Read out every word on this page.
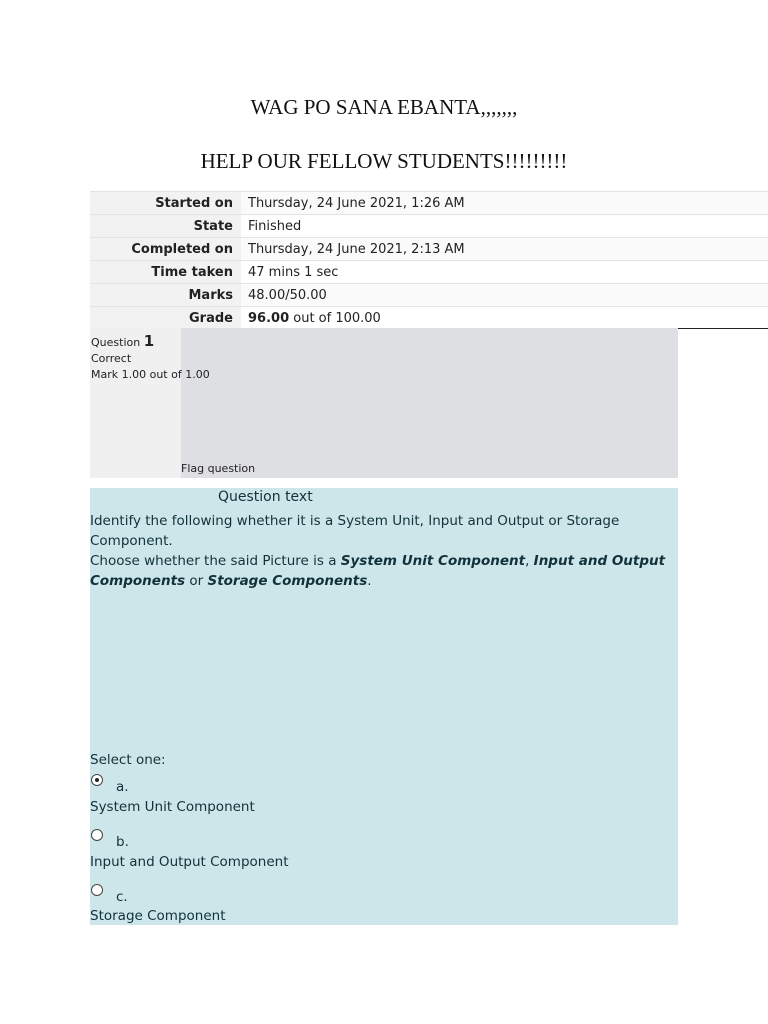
WAG PO SANA EBANTA,,,,,,,
HELP OUR FELLOW STUDENTS!!!!!!!!!
Started on	Thursday, 24 June 2021, 1:26 AM
State	Finished
Completed on	Thursday, 24 June 2021, 2:13 AM
Time taken	47 mins 1 sec
Marks	48.00/50.00
Grade	96.00 out of 100.00
Question 1
Correct
Mark 1.00 out of 1.00
Flag question
Question text
Identify the following whether it is a System Unit, Input and Output or Storage Component.
Choose whether the said Picture is a System Unit Component, Input and Output
Components or Storage Components.
Select one:
a.
System Unit Component
b.
Input and Output Component
c.
Storage Component
